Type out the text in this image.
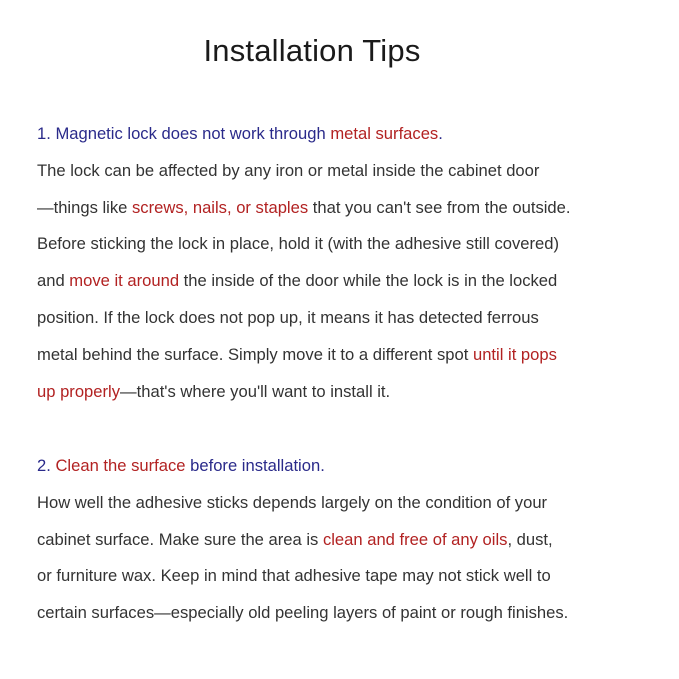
Installation Tips
1. Magnetic lock does not work through metal surfaces.
The lock can be affected by any iron or metal inside the cabinet door
—things like screws, nails, or staples that you can't see from the outside.
Before sticking the lock in place, hold it (with the adhesive still covered)
and move it around the inside of the door while the lock is in the locked
position. If the lock does not pop up, it means it has detected ferrous
metal behind the surface. Simply move it to a different spot until it pops
up properly—that's where you'll want to install it.
2. Clean the surface before installation.
How well the adhesive sticks depends largely on the condition of your
cabinet surface. Make sure the area is clean and free of any oils, dust,
or furniture wax. Keep in mind that adhesive tape may not stick well to
certain surfaces—especially old peeling layers of paint or rough finishes.
